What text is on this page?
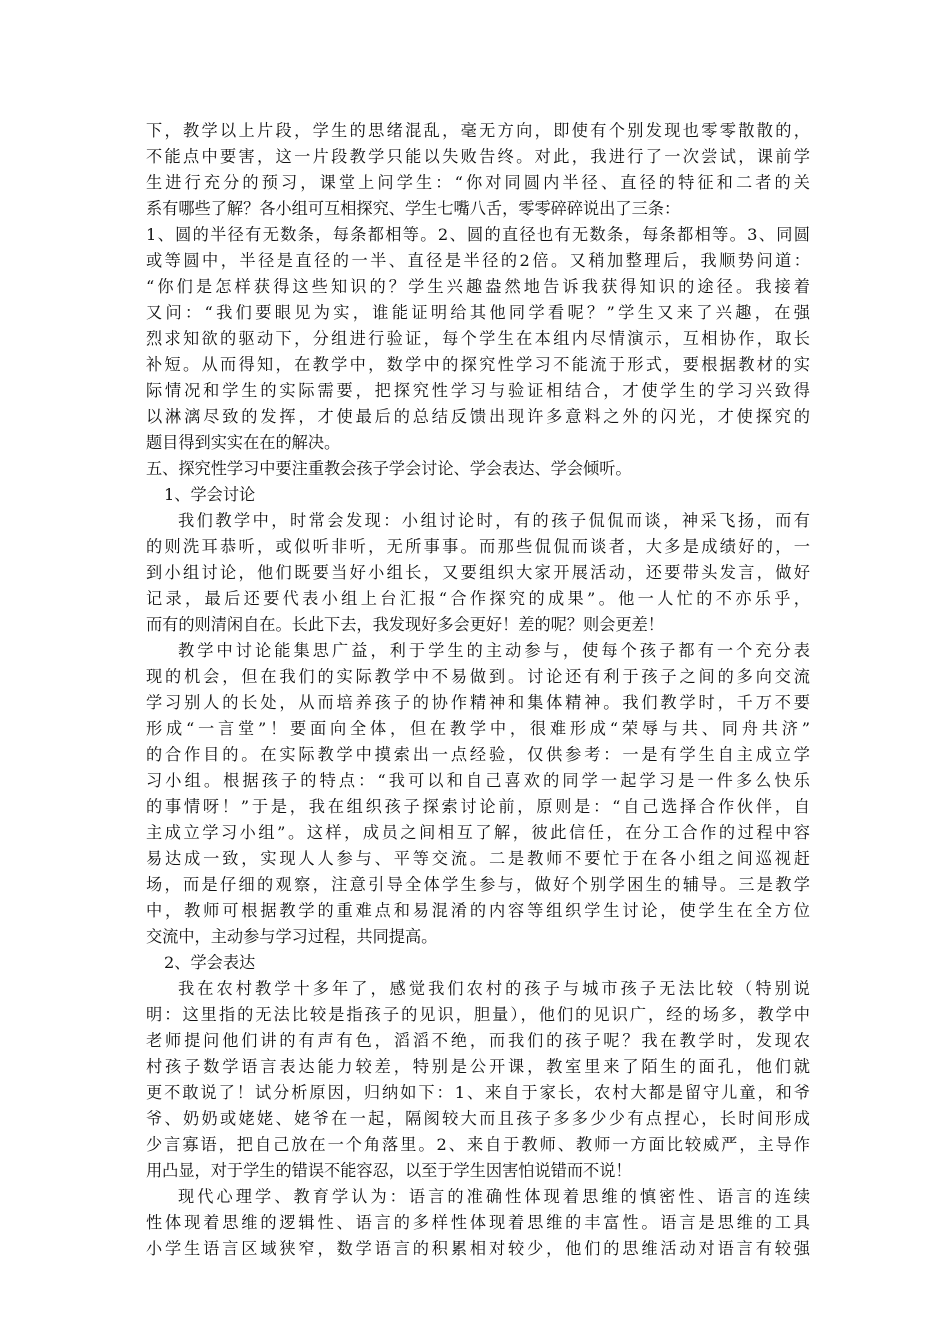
下，教学以上片段，学生的思绪混乱，毫无方向，即使有个别发现也零零散散的，
不能点中要害，这一片段教学只能以失败告终。对此，我进行了一次尝试，课前学
生进行充分的预习，课堂上问学生：“你对同圆内半径、直径的特征和二者的关
系有哪些了解？各小组可互相探究、学生七嘴八舌，零零碎碎说出了三条：
1、圆的半径有无数条，每条都相等。2、圆的直径也有无数条，每条都相等。3、同圆
或等圆中，半径是直径的一半、直径是半径的2倍。又稍加整理后，我顺势问道：
“你们是怎样获得这些知识的？学生兴趣盎然地告诉我获得知识的途径。我接着
又问：“我们要眼见为实，谁能证明给其他同学看呢？”学生又来了兴趣，在强
烈求知欲的驱动下，分组进行验证，每个学生在本组内尽情演示，互相协作，取长
补短。从而得知，在教学中，数学中的探究性学习不能流于形式，要根据教材的实
际情况和学生的实际需要，把探究性学习与验证相结合，才使学生的学习兴致得
以淋漓尽致的发挥，才使最后的总结反馈出现许多意料之外的闪光，才使探究的
题目得到实实在在的解决。
五、探究性学习中要注重教会孩子学会讨论、学会表达、学会倾听。
1、学会讨论
我们教学中，时常会发现：小组讨论时，有的孩子侃侃而谈，神采飞扬，而有
的则洗耳恭听，或似听非听，无所事事。而那些侃侃而谈者，大多是成绩好的，一
到小组讨论，他们既要当好小组长，又要组织大家开展活动，还要带头发言，做好
记录，最后还要代表小组上台汇报“合作探究的成果”。他一人忙的不亦乐乎，
而有的则清闲自在。长此下去，我发现好多会更好！差的呢？则会更差！
教学中讨论能集思广益，利于学生的主动参与，使每个孩子都有一个充分表
现的机会，但在我们的实际教学中不易做到。讨论还有利于孩子之间的多向交流
学习别人的长处，从而培养孩子的协作精神和集体精神。我们教学时，千万不要
形成“一言堂”！要面向全体，但在教学中，很难形成“荣辱与共、同舟共济”
的合作目的。在实际教学中摸索出一点经验，仅供参考：一是有学生自主成立学
习小组。根据孩子的特点：“我可以和自己喜欢的同学一起学习是一件多么快乐
的事情呀！”于是，我在组织孩子探索讨论前，原则是：“自己选择合作伙伴，自
主成立学习小组”。这样，成员之间相互了解，彼此信任，在分工合作的过程中容
易达成一致，实现人人参与、平等交流。二是教师不要忙于在各小组之间巡视赶
场，而是仔细的观察，注意引导全体学生参与，做好个别学困生的辅导。三是教学
中，教师可根据教学的重难点和易混淆的内容等组织学生讨论，使学生在全方位
交流中，主动参与学习过程，共同提高。
2、学会表达
我在农村教学十多年了，感觉我们农村的孩子与城市孩子无法比较（特别说
明：这里指的无法比较是指孩子的见识，胆量），他们的见识广，经的场多，教学中
老师提问他们讲的有声有色，滔滔不绝，而我们的孩子呢？我在教学时，发现农
村孩子数学语言表达能力较差，特别是公开课，教室里来了陌生的面孔，他们就
更不敢说了！试分析原因，归纳如下：1、来自于家长，农村大都是留守儿童，和爷
爷、奶奶或姥姥、姥爷在一起，隔阂较大而且孩子多多少少有点捏心，长时间形成
少言寡语，把自己放在一个角落里。2、来自于教师、教师一方面比较威严，主导作
用凸显，对于学生的错误不能容忍，以至于学生因害怕说错而不说！
现代心理学、教育学认为：语言的准确性体现着思维的慎密性、语言的连续
性体现着思维的逻辑性、语言的多样性体现着思维的丰富性。语言是思维的工具
小学生语言区域狭窄，数学语言的积累相对较少，他们的思维活动对语言有较强
